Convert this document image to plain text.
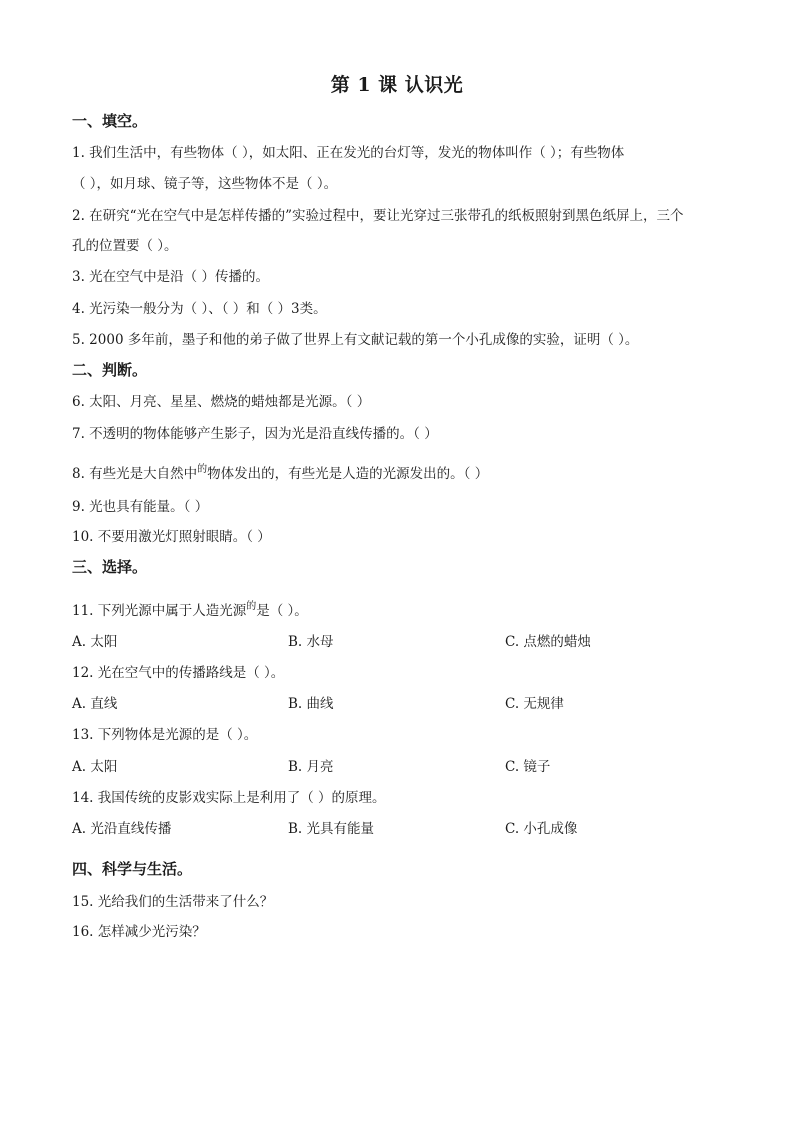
第 1 课 认识光
一、填空。
1. 我们生活中，有些物体（ ），如太阳、正在发光的台灯等，发光的物体叫作（ ）；有些物体
（ ），如月球、镜子等，这些物体不是（ ）。
2. 在研究“光在空气中是怎样传播的”实验过程中，要让光穿过三张带孔的纸板照射到黑色纸屏上，三个
孔的位置要（ ）。
3. 光在空气中是沿（ ）传播的。
4. 光污染一般分为（ ）、（ ）和（ ）3类。
5. 2000 多年前，墨子和他的弟子做了世界上有文献记载的第一个小孔成像的实验，证明（ ）。
二、判断。
6. 太阳、月亮、星星、燃烧的蜡烛都是光源。（ ）
7. 不透明的物体能够产生影子，因为光是沿直线传播的。（ ）
8. 有些光是大自然中$^的$物体发出的，有些光是人造的光源发出的。（ ）
9. 光也具有能量。（ ）
10. 不要用激光灯照射眼睛。（ ）
三、选择。
11. 下列光源中属于人造光源$^的$是（ ）。
A. 太阳	B. 水母	C. 点燃的蜡烛
12. 光在空气中的传播路线是（ ）。
A. 直线	B. 曲线	C. 无规律
13. 下列物体是光源的是（ ）。
A. 太阳	B. 月亮	C. 镜子
14. 我国传统的皮影戏实际上是利用了（ ）的原理。
A. 光沿直线传播	B. 光具有能量	C. 小孔成像
四、科学与生活。
15. 光给我们的生活带来了什么？
16. 怎样减少光污染？
